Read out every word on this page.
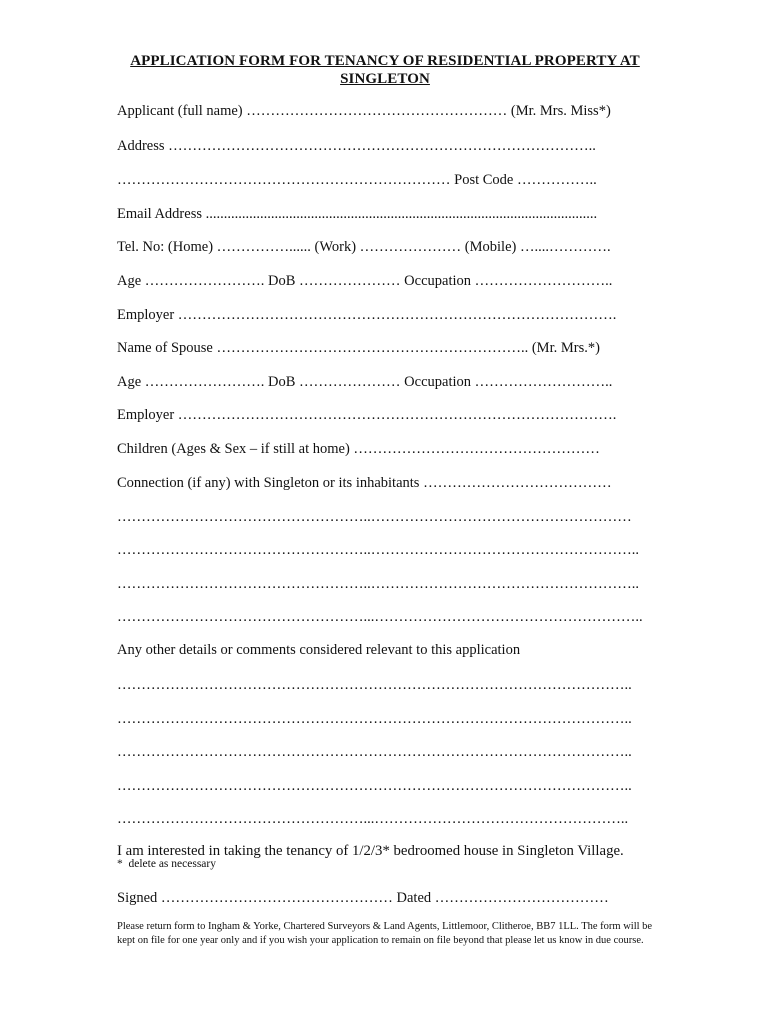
APPLICATION FORM FOR TENANCY OF RESIDENTIAL PROPERTY AT
SINGLETON
Applicant (full name) ……………………………………………… (Mr. Mrs. Miss*)
Address ……………………………………………………………………………..
…………………………………………………………… Post Code ……………..
Email Address ............................................................................................................
Tel. No: (Home) ……………...... (Work) ………………… (Mobile) …....………….
Age ……………………. DoB ………………… Occupation ………………………..
Employer ……………………………………………………………………………….
Name of Spouse ……………………………………………………….. (Mr. Mrs.*)
Age ……………………. DoB ………………… Occupation ………………………..
Employer ……………………………………………………………………………….
Children (Ages & Sex – if still at home) ……………………………………………
Connection (if any) with Singleton or its inhabitants …………………………………
……………………………………………..………………………………………………
……………………………………………..………………………………………………..
……………………………………………..………………………………………………..
……………………………………………...………………………………………………..
Any other details or comments considered relevant to this application
……………………………………………………………………………………………..
……………………………………………………………………………………………..
……………………………………………………………………………………………..
……………………………………………………………………………………………..
……………………………………………...……………………………………………..
I am interested in taking the tenancy of 1/2/3* bedroomed house in Singleton Village.
*  delete as necessary
Signed ………………………………………… Dated ………………………………
Please return form to Ingham & Yorke, Chartered Surveyors & Land Agents, Littlemoor, Clitheroe, BB7 1LL. The form will be kept on file for one year only and if you wish your application to remain on file beyond that please let us know in due course.
